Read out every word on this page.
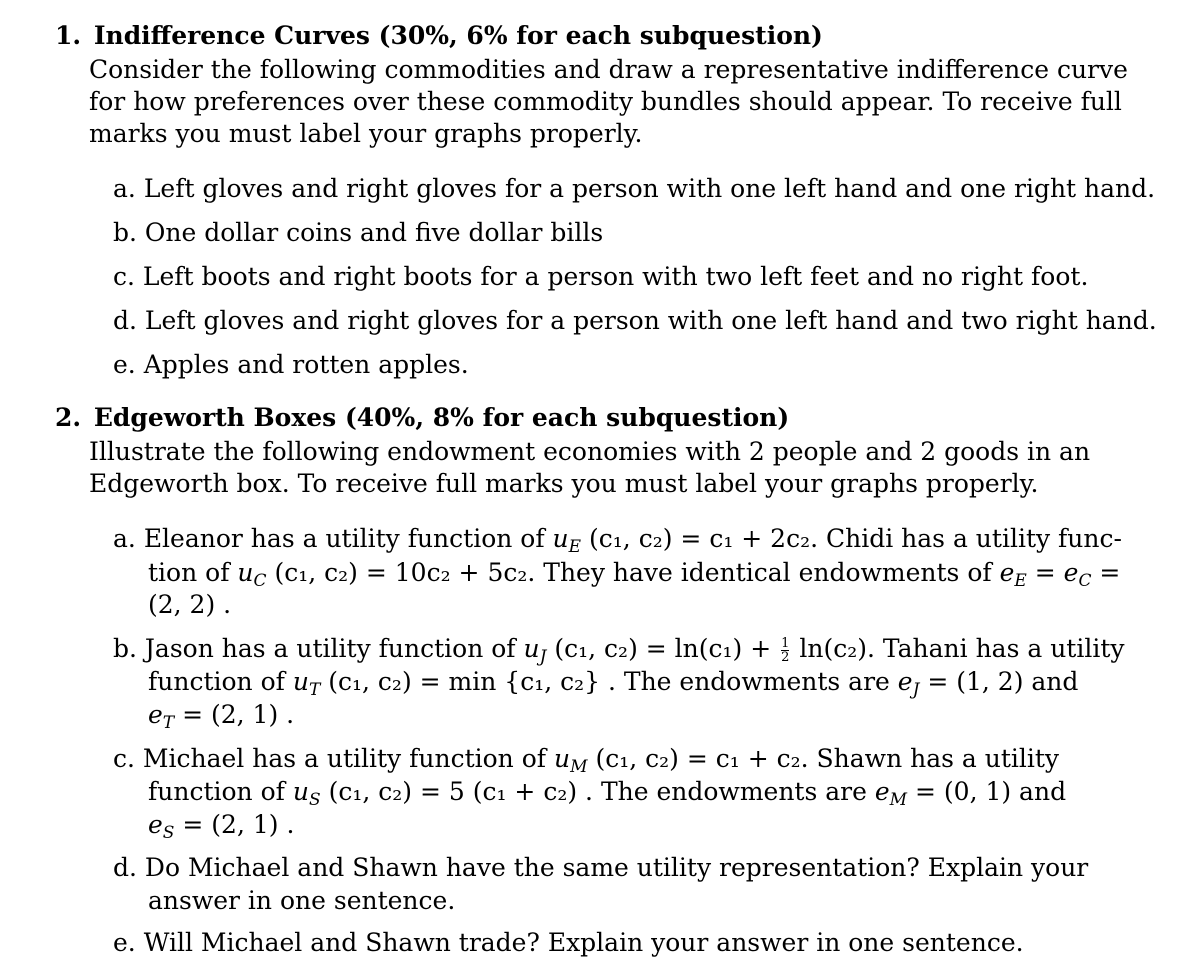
1. Indifference Curves (30%, 6% for each subquestion)
Consider the following commodities and draw a representative indifference curve
for how preferences over these commodity bundles should appear. To receive full
marks you must label your graphs properly.
a. Left gloves and right gloves for a person with one left hand and one right hand.
b. One dollar coins and five dollar bills
c. Left boots and right boots for a person with two left feet and no right foot.
d. Left gloves and right gloves for a person with one left hand and two right hand.
e. Apples and rotten apples.
2. Edgeworth Boxes (40%, 8% for each subquestion)
Illustrate the following endowment economies with 2 people and 2 goods in an
Edgeworth box. To receive full marks you must label your graphs properly.
a. Eleanor has a utility function of $u_E$ (c₁, c₂) = c₁ + 2c₂. Chidi has a utility func-
tion of $u_C$ (c₁, c₂) = 10c₂ + 5c₂. They have identical endowments of $e_E = e_C$ =
(2, 2) .
b. Jason has a utility function of $u_J$ (c₁, $c_2) = \ln(c_1) + \frac{1}{2} \ln(c_2)$. Tahani has a utility
function of $u_T$ (c₁, c₂) = min {c₁, c₂} . The endowments are $e_J = (1$, 2) and
$e_T = (2$, 1) .
c. Michael has a utility function of $u_M$ (c₁, c₂) = c₁ + c₂. Shawn has a utility
function of $u_S$ (c₁, c₂) = 5 (c₁ + c₂) . The endowments are $e_M = (0$, 1) and
$e_S = (2$, 1) .
d. Do Michael and Shawn have the same utility representation? Explain your
answer in one sentence.
e. Will Michael and Shawn trade? Explain your answer in one sentence.
